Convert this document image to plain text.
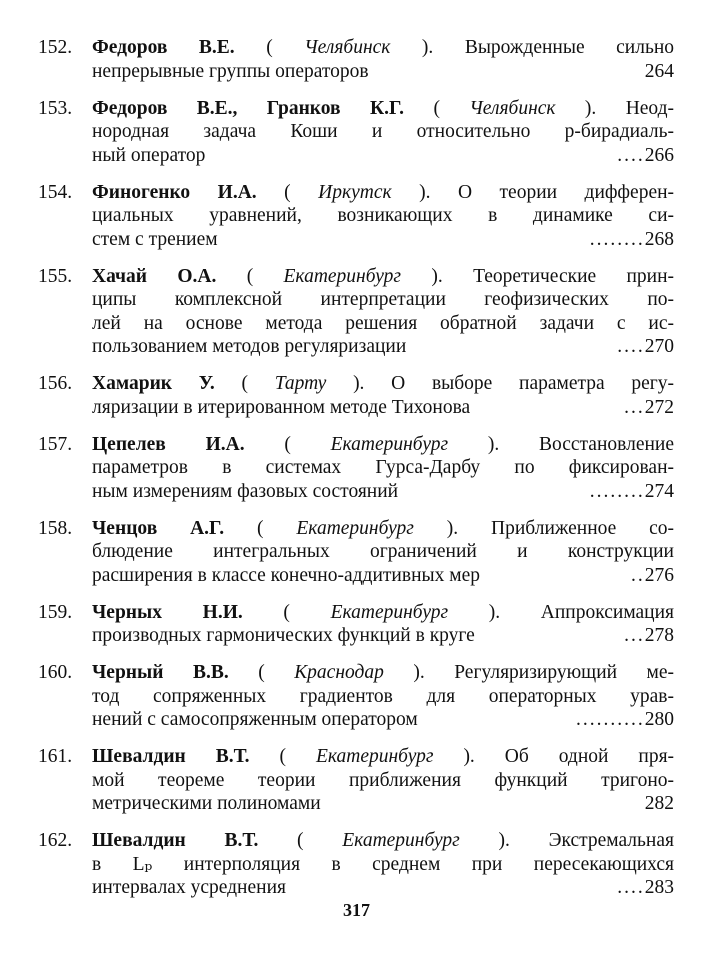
152.	Федоров В.Е. ( Челябинск ). Вырожденные сильно
непрерывные группы операторов	264
153.	Федоров В.Е., Гранков К.Г. ( Челябинск ). Неод-
нородная задача Коши и относительно p-бирадиаль-
ный оператор	.... 266
154.	Финогенко И.А. ( Иркутск ). О теории дифферен-
циальных уравнений, возникающих в динамике си-
стем с трением	........ 268
155.	Хачай О.А. ( Екатеринбург ). Теоретические прин-
ципы комплексной интерпретации геофизических по-
лей на основе метода решения обратной задачи с ис-
пользованием методов регуляризации	.... 270
156.	Хамарик У. ( Тарту ). О выборе параметра регу-
ляризации в итерированном методе Тихонова	... 272
157.	Цепелев И.А. ( Екатеринбург ). Восстановление
параметров в системах Гурса-Дарбу по фиксирован-
ным измерениям фазовых состояний	........ 274
158.	Ченцов А.Г. ( Екатеринбург ). Приближенное со-
блюдение интегральных ограничений и конструкции
расширения в классе конечно-аддитивных мер	.. 276
159.	Черных Н.И. ( Екатеринбург ). Аппроксимация
производных гармонических функций в круге	... 278
160.	Черный В.В. ( Краснодар ). Регуляризирующий ме-
тод сопряженных градиентов для операторных урав-
нений с самосопряженным оператором	.......... 280
161.	Шевалдин В.Т. ( Екатеринбург ). Об одной пря-
мой теореме теории приближения функций тригоно-
метрическими полиномами	282
162.	Шевалдин В.Т. ( Екатеринбург ). Экстремальная
в Lₚ интерполяция в среднем при пересекающихся
интервалах усреднения	.... 283
317
